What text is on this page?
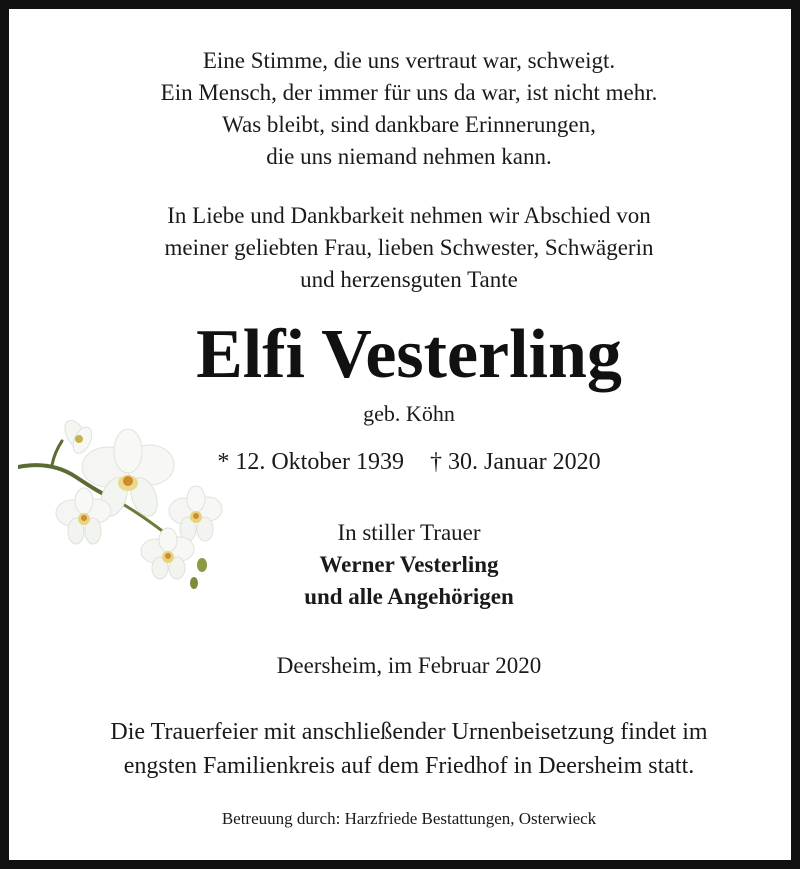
Eine Stimme, die uns vertraut war, schweigt.
Ein Mensch, der immer für uns da war, ist nicht mehr.
Was bleibt, sind dankbare Erinnerungen,
die uns niemand nehmen kann.
In Liebe und Dankbarkeit nehmen wir Abschied von
meiner geliebten Frau, lieben Schwester, Schwägerin
und herzensguten Tante
Elfi Vesterling
geb. Köhn
* 12. Oktober 1939 † 30. Januar 2020
In stiller Trauer
Werner Vesterling
und alle Angehörigen
Deersheim, im Februar 2020
Die Trauerfeier mit anschließender Urnenbeisetzung findet im
engsten Familienkreis auf dem Friedhof in Deersheim statt.
Betreuung durch: Harzfriede Bestattungen, Osterwieck
